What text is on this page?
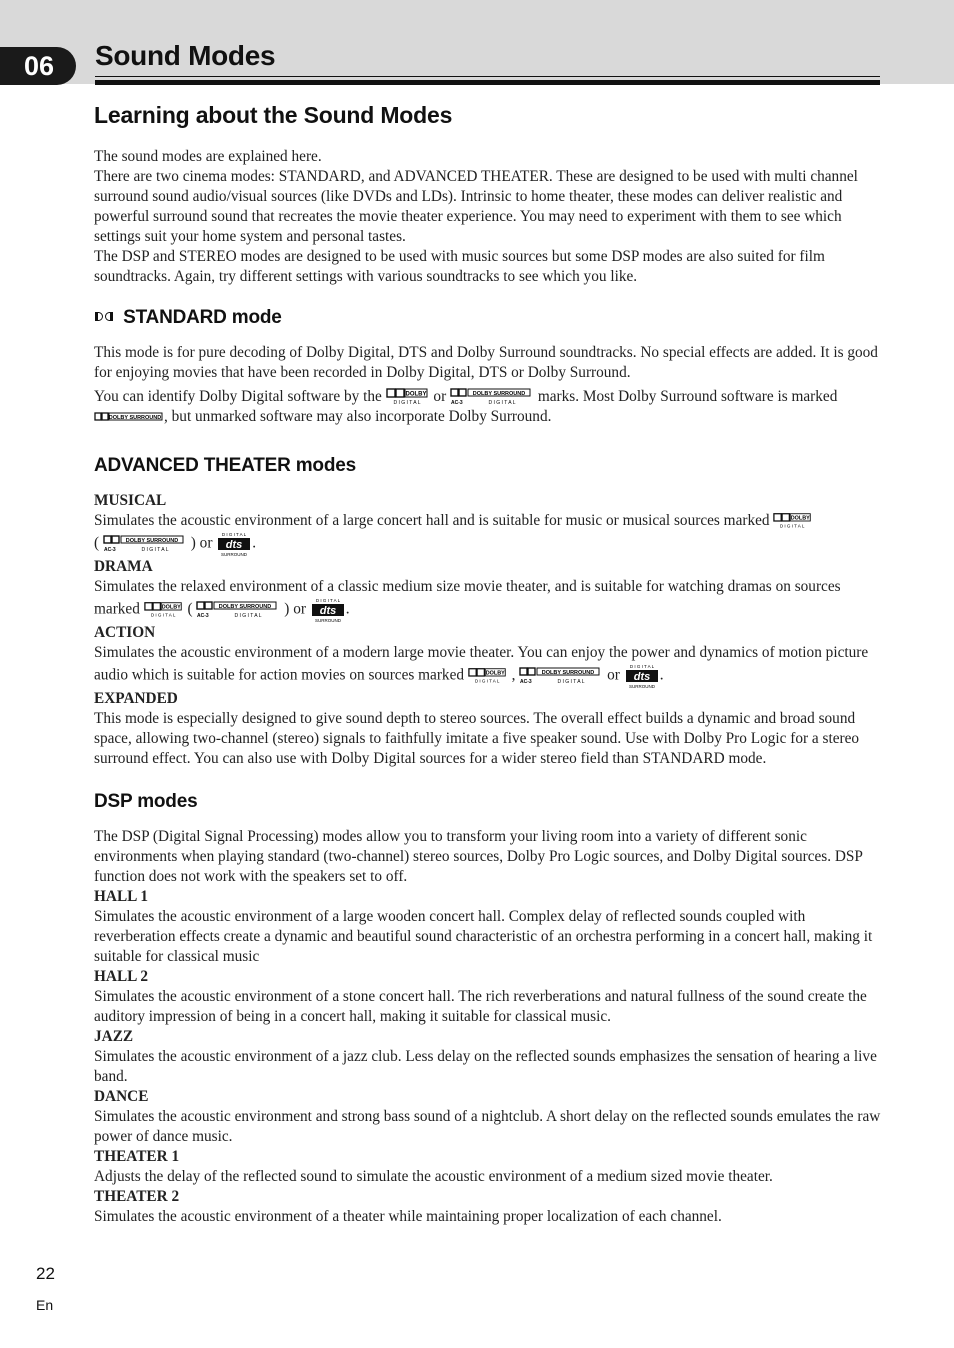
06	Sound Modes
Learning about the Sound Modes

The sound modes are explained here.

There are two cinema modes: STANDARD, and ADVANCED THEATER. These are designed to be used with multi channel surround sound audio/visual sources (like DVDs and LDs). Intrinsic to home theater, these modes can deliver realistic and powerful surround sound that recreates the movie theater experience. You may need to experiment with them to see which settings suit your home system and personal tastes.

The DSP and STEREO modes are designed to be used with music sources but some DSP modes are also suited for film soundtracks. Again, try different settings with various soundtracks to see which you like.

STANDARD mode

This mode is for pure decoding of Dolby Digital, DTS and Dolby Surround soundtracks. No special effects are added. It is good for enjoying movies that have been recorded in Dolby Digital, DTS or Dolby Surround.

You can identify Dolby Digital software by the	DOLBY
D I G I T A L or	DOLBY SURROUND
AC-3	D I G I T A L marks. Most Dolby Surround software is marked
DOLBY SURROUND , but unmarked software may also incorporate Dolby Surround.

ADVANCED THEATER modes

MUSICAL

Simulates the acoustic environment of a large concert hall and is suitable for music or musical sources marked	DOLBY
D I G I T A L

(	DOLBY SURROUND
AC-3	D I G I T A L ) or
D I G I T A L
dts
SURROUND
.

DRAMA

Simulates the relaxed environment of a classic medium size movie theater, and is suitable for watching dramas on sources marked	DOLBY
D I G I T A L (	DOLBY SURROUND
AC-3	D I G I T A L ) or
D I G I T A L
dts
SURROUND
.

ACTION

Simulates the acoustic environment of a modern large movie theater. You can enjoy the power and dynamics of motion picture audio which is suitable for action movies on sources marked	DOLBY
D I G I T A L ,	DOLBY SURROUND
AC-3	D I G I T A L or
D I G I T A L
dts
SURROUND
.

EXPANDED

This mode is especially designed to give sound depth to stereo sources. The overall effect builds a dynamic and broad sound space, allowing two-channel (stereo) signals to faithfully imitate a five speaker sound. Use with Dolby Pro Logic for a stereo surround effect. You can also use with Dolby Digital sources for a wider stereo field than STANDARD mode.

DSP modes

The DSP (Digital Signal Processing) modes allow you to transform your living room into a variety of different sonic environments when playing standard (two-channel) stereo sources, Dolby Pro Logic sources, and Dolby Digital sources. DSP function does not work with the speakers set to off.

HALL 1

Simulates the acoustic environment of a large wooden concert hall. Complex delay of reflected sounds coupled with reverberation effects create a dynamic and beautiful sound characteristic of an orchestra performing in a concert hall, making it suitable for classical music

HALL 2

Simulates the acoustic environment of a stone concert hall. The rich reverberations and natural fullness of the sound create the auditory impression of being in a concert hall, making it suitable for classical music.

JAZZ

Simulates the acoustic environment of a jazz club. Less delay on the reflected sounds emphasizes the sensation of hearing a live band.

DANCE

Simulates the acoustic environment and strong bass sound of a nightclub. A short delay on the reflected sounds emulates the raw power of dance music.

THEATER 1

Adjusts the delay of the reflected sound to simulate the acoustic environment of a medium sized movie theater.

THEATER 2

Simulates the acoustic environment of a theater while maintaining proper localization of each channel.

22
En
